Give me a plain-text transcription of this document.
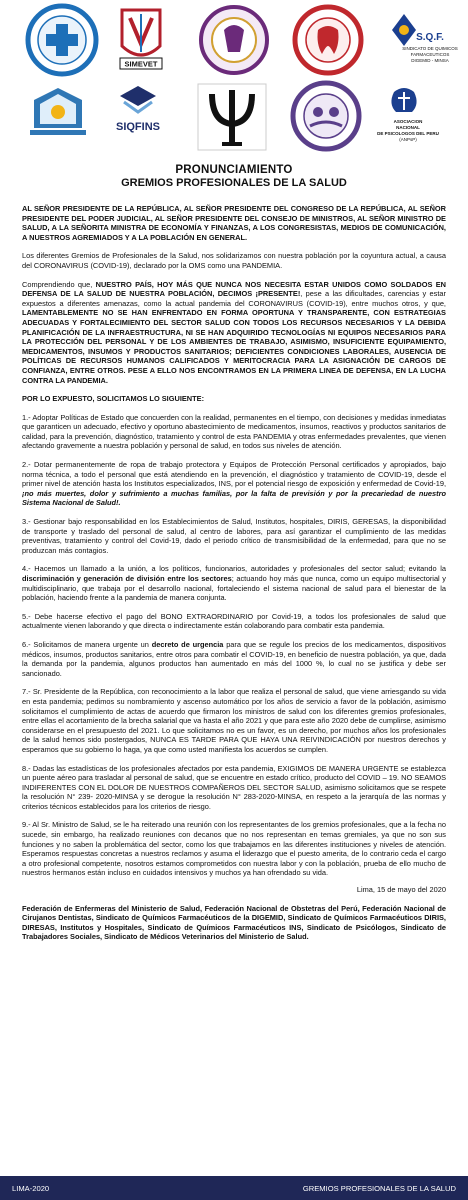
SIMEVET
S.Q.F.
SINDICATO DE QUIMICOS
FARMACEUTICOS
DIGEMID - MINSA
SIQFINS	ASOCIACION
NACIONAL
DE PSICOLOGOS DEL PERU
(ANPsP)
PRONUNCIAMIENTO
GREMIOS PROFESIONALES DE LA SALUD

AL SEÑOR PRESIDENTE DE LA REPÚBLICA, AL SEÑOR PRESIDENTE DEL CONGRESO DE LA REPÚBLICA, AL SEÑOR PRESIDENTE DEL PODER JUDICIAL, AL SEÑOR PRESIDENTE DEL CONSEJO DE MINISTROS, AL SEÑOR MINISTRO DE SALUD, A LA SEÑORITA MINISTRA DE ECONOMÍA Y FINANZAS, A LOS CONGRESISTAS, MEDIOS DE COMUNICACIÓN, A NUESTROS AGREMIADOS Y A LA POBLACIÓN EN GENERAL.

Los diferentes Gremios de Profesionales de la Salud, nos solidarizamos con nuestra población por la coyuntura actual, a causa del CORONAVIRUS (COVID-19), declarado por la OMS como una PANDEMIA.

Comprendiendo que, NUESTRO PAÍS, HOY MÁS QUE NUNCA NOS NECESITA ESTAR UNIDOS COMO SOLDADOS EN DEFENSA DE LA SALUD DE NUESTRA POBLACIÓN, DECIMOS ¡PRESENTE!, pese a las dificultades, carencias y estar expuestos a diferentes amenazas, como la actual pandemia del CORONAVIRUS (COVID-19), entre muchos otros, y que, LAMENTABLEMENTE NO SE HAN ENFRENTADO EN FORMA OPORTUNA Y TRANSPARENTE, CON ESTRATEGIAS ADECUADAS Y FORTALECIMIENTO DEL SECTOR SALUD CON TODOS LOS RECURSOS NECESARIOS Y LA DEBIDA PLANIFICACIÓN DE LA INFRAESTRUCTURA, NI SE HAN ADQUIRIDO TECNOLOGÍAS NI EQUIPOS NECESARIOS PARA LA PROTECCIÓN DEL PERSONAL Y DE LOS AMBIENTES DE TRABAJO, ASIMISMO, INSUFICIENTE EQUIPAMIENTO, MEDICAMENTOS, INSUMOS Y PRODUCTOS SANITARIOS; DEFICIENTES CONDICIONES LABORALES, AUSENCIA DE POLÍTICAS DE RECURSOS HUMANOS CALIFICADOS Y MERITOCRACIA PARA LA ASIGNACIÓN DE CARGOS DE CONFIANZA, ENTRE OTROS. PESE A ELLO NOS ENCONTRAMOS EN LA PRIMERA LINEA DE DEFENSA, EN LA LUCHA CONTRA LA PANDEMIA.

POR LO EXPUESTO, SOLICITAMOS LO SIGUIENTE:

1.- Adoptar Políticas de Estado que concuerden con la realidad, permanentes en el tiempo, con decisiones y medidas inmediatas que garanticen un adecuado, efectivo y oportuno abastecimiento de medicamentos, insumos, reactivos y productos sanitarios de calidad, para la prevención, diagnóstico, tratamiento y control de esta PANDEMIA y otras enfermedades prevalentes, que vienen afectando gravemente a nuestra población y personal de salud, en todos sus niveles de atención.

2.- Dotar permanentemente de ropa de trabajo protectora y Equipos de Protección Personal certificados y apropiados, bajo norma técnica, a todo el personal que está atendiendo en la prevención, el diagnóstico y tratamiento de COVID-19, desde el primer nivel de atención hasta los Institutos especializados, INS, por el potencial riesgo de exposición y enfermedad de Covid-19, ¡no más muertes, dolor y sufrimiento a muchas familias, por la falta de previsión y por la precariedad de nuestro Sistema Nacional de Salud!.

3.- Gestionar bajo responsabilidad en los Establecimientos de Salud, Institutos, hospitales, DIRIS, GERESAS, la disponibilidad de transporte y traslado del personal de salud, al centro de labores, para así garantizar el cumplimiento de las medidas preventivas, tratamiento y control del Covid-19, dado el periodo crítico de transmisibilidad de la enfermedad, para que no se produzcan más contagios.

4.- Hacemos un llamado a la unión, a los políticos, funcionarios, autoridades y profesionales del sector salud; evitando la discriminación y generación de división entre los sectores; actuando hoy más que nunca, como un equipo multisectorial y multidisciplinario, que trabaja por el desarrollo nacional, fortaleciendo el sistema nacional de salud para el bienestar de la población, haciendo frente a la pandemia de manera conjunta.

5.- Debe hacerse efectivo el pago del BONO EXTRAORDINARIO por Covid-19, a todos los profesionales de salud que actualmente vienen laborando y que directa o indirectamente están colaborando para combatir esta pandemia.

6.- Solicitamos de manera urgente un decreto de urgencia para que se regule los precios de los medicamentos, dispositivos médicos, insumos, productos sanitarios, entre otros para combatir el COVID-19, en beneficio de nuestra población, ya que, dada la demanda por la pandemia, algunos productos han aumentado en más del 1000 %, lo cual no se justifica y debe ser sancionado.

7.- Sr. Presidente de la República, con reconocimiento a la labor que realiza el personal de salud, que viene arriesgando su vida en esta pandemia; pedimos su nombramiento y ascenso automático por los años de servicio a favor de la población, asimismo solicitamos el cumplimiento de actas de acuerdo que firmaron los ministros de salud con los diferentes gremios profesionales, entre ellas el acortamiento de la brecha salarial que va hasta el año 2021 y que para este año 2020 debe de cumplirse, asimismo considerarse en el presupuesto del 2021. Lo que solicitamos no es un favor, es un derecho, por muchos años los profesionales de la salud hemos sido postergados, NUNCA ES TARDE PARA QUE HAYA UNA REIVINDICACIÓN por nuestros derechos y esperamos que su gobierno lo haga, ya que como usted manifiesta los acuerdos se cumplen.

8.- Dadas las estadísticas de los profesionales afectados por esta pandemia, EXIGIMOS DE MANERA URGENTE se establezca un puente aéreo para trasladar al personal de salud, que se encuentre en estado crítico, producto del COVID – 19. NO SEAMOS INDIFERENTES CON EL DOLOR DE NUESTROS COMPAÑEROS DEL SECTOR SALUD, asimismo solicitamos que se respete la resolución N° 239- 2020-MINSA y se derogue la resolución N° 283-2020-MINSA, en respeto a la jerarquía de las normas y criterios técnicos establecidos para los criterios de riesgo.

9.- Al Sr. Ministro de Salud, se le ha reiterado una reunión con los representantes de los gremios profesionales, que a la fecha no sucede, sin embargo, ha realizado reuniones con decanos que no nos representan en temas gremiales, ya que no son sus funciones y no saben la problemática del sector, como los que trabajamos en las diferentes instituciones y niveles de atención. Esperamos respuestas concretas a nuestros reclamos y asuma el liderazgo que el puesto amerita, de lo contrario ceda el cargo a otro profesional competente, nosotros estamos comprometidos con nuestra labor y con la población, prueba de ello mucho de nuestros hermanos están incluso en cuidados intensivos y muchos ya han ofrendado su vida.

Lima, 15 de mayo del 2020

Federación de Enfermeras del Ministerio de Salud, Federación Nacional de Obstetras del Perú, Federación Nacional de Cirujanos Dentistas, Sindicato de Químicos Farmacéuticos de la DIGEMID, Sindicato de Químicos Farmacéuticos DIRIS, DIRESAS, Institutos y Hospitales, Sindicato de Químicos Farmacéuticos INS, Sindicato de Psicólogos, Sindicato de Trabajadores Sociales, Sindicato de Médicos Veterinarios del Ministerio de Salud.

LIMA-2020	GREMIOS PROFESIONALES DE LA SALUD
